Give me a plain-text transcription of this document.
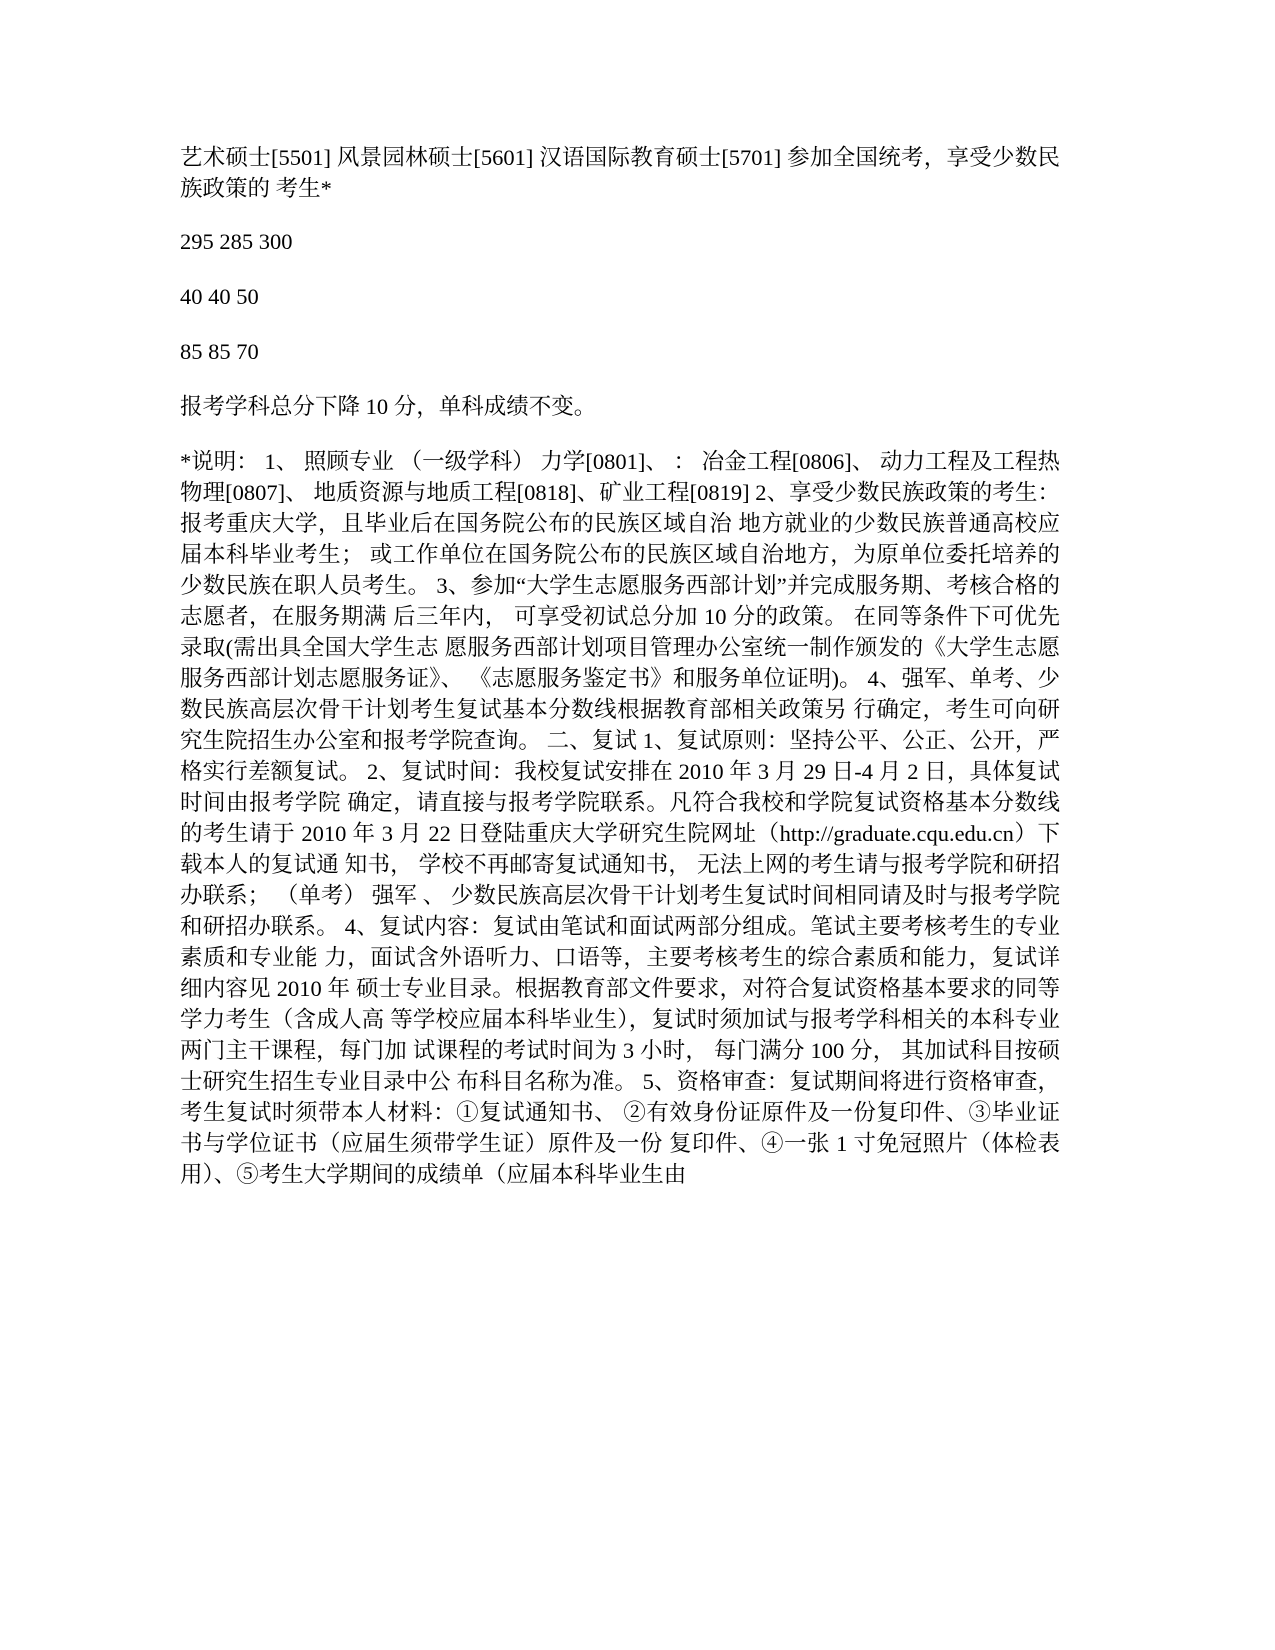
艺术硕士[5501] 风景园林硕士[5601] 汉语国际教育硕士[5701] 参加全国统考，享受少数民族政策的 考生*

295 285 300

40 40 50

85 85 70

报考学科总分下降 10 分，单科成绩不变。

*说明： 1、 照顾专业 （一级学科） 力学[0801]、 ： 冶金工程[0806]、 动力工程及工程热物理[0807]、 地质资源与地质工程[0818]、矿业工程[0819] 2、享受少数民族政策的考生：报考重庆大学，且毕业后在国务院公布的民族区域自治 地方就业的少数民族普通高校应届本科毕业考生； 或工作单位在国务院公布的民族区域自治地方，为原单位委托培养的少数民族在职人员考生。 3、参加“大学生志愿服务西部计划”并完成服务期、考核合格的志愿者，在服务期满 后三年内， 可享受初试总分加 10 分的政策。 在同等条件下可优先录取(需出具全国大学生志 愿服务西部计划项目管理办公室统一制作颁发的《大学生志愿服务西部计划志愿服务证》、 《志愿服务鉴定书》和服务单位证明)。 4、强军、单考、少数民族高层次骨干计划考生复试基本分数线根据教育部相关政策另 行确定，考生可向研究生院招生办公室和报考学院查询。 二、复试 1、复试原则：坚持公平、公正、公开，严格实行差额复试。 2、复试时间：我校复试安排在 2010 年 3 月 29 日-4 月 2 日，具体复试时间由报考学院 确定，请直接与报考学院联系。凡符合我校和学院复试资格基本分数线的考生请于 2010 年 3 月 22 日登陆重庆大学研究生院网址（http://graduate.cqu.edu.cn）下载本人的复试通 知书， 学校不再邮寄复试通知书， 无法上网的考生请与报考学院和研招办联系； （单考） 强军 、 少数民族高层次骨干计划考生复试时间相同请及时与报考学院和研招办联系。 4、复试内容：复试由笔试和面试两部分组成。笔试主要考核考生的专业素质和专业能 力，面试含外语听力、口语等，主要考核考生的综合素质和能力，复试详细内容见 2010 年 硕士专业目录。根据教育部文件要求，对符合复试资格基本要求的同等学力考生（含成人高 等学校应届本科毕业生），复试时须加试与报考学科相关的本科专业两门主干课程，每门加 试课程的考试时间为 3 小时， 每门满分 100 分， 其加试科目按硕士研究生招生专业目录中公 布科目名称为准。 5、资格审查：复试期间将进行资格审查，考生复试时须带本人材料：①复试通知书、 ②有效身份证原件及一份复印件、③毕业证书与学位证书（应届生须带学生证）原件及一份 复印件、④一张 1 寸免冠照片（体检表用）、⑤考生大学期间的成绩单（应届本科毕业生由
